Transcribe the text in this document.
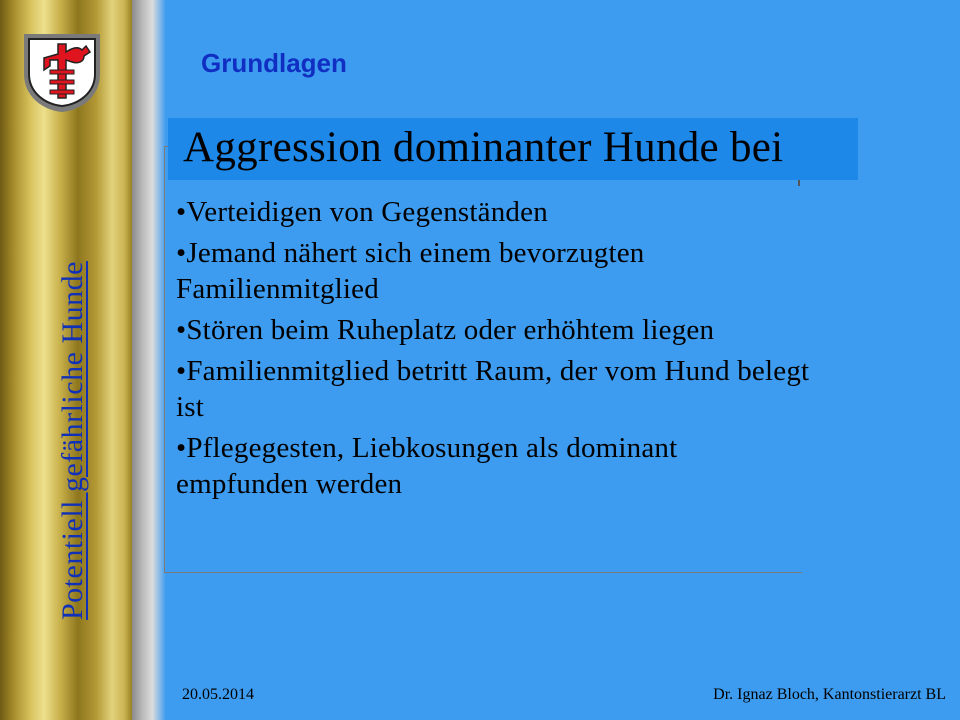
Potentiell gefährliche Hunde
Grundlagen
Aggression dominanter Hunde bei
•Verteidigen von Gegenständen
•Jemand nähert sich einem bevorzugten Familienmitglied
•Stören beim Ruheplatz oder erhöhtem liegen
•Familienmitglied betritt Raum, der vom Hund belegt ist
•Pflegegesten, Liebkosungen als dominant empfunden werden
20.05.2014	Dr. Ignaz Bloch, Kantonstierarzt BL
